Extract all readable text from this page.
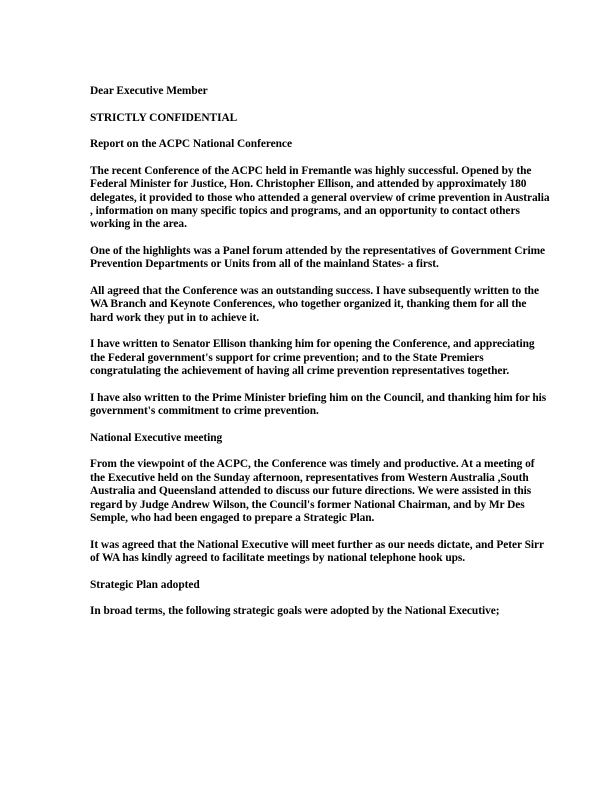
Dear Executive Member

STRICTLY CONFIDENTIAL

Report on the ACPC National Conference

The recent Conference of the ACPC held in Fremantle was highly successful. Opened by the Federal Minister for Justice, Hon. Christopher Ellison, and attended by approximately 180 delegates, it provided to those who attended a general overview of crime prevention in Australia , information on many specific topics and programs, and an opportunity to contact others working in the area.

One of the highlights was a Panel forum attended by the representatives of Government Crime Prevention Departments or Units from all of the mainland States- a first.

All agreed that the Conference was an outstanding success. I have subsequently written to the WA Branch and Keynote Conferences, who together organized it, thanking them for all the hard work they put in to achieve it.

I have written to Senator Ellison thanking him for opening the Conference, and appreciating the Federal government's support for crime prevention; and to the State Premiers congratulating the achievement of having all crime prevention representatives together.

I have also written to the Prime Minister briefing him on the Council, and thanking him for his government's commitment to crime prevention.

National Executive meeting

From the viewpoint of the ACPC, the Conference was timely and productive. At a meeting of the Executive held on the Sunday afternoon, representatives from Western Australia ,South Australia and Queensland attended to discuss our future directions. We were assisted in this regard by Judge Andrew Wilson, the Council's former National Chairman, and by Mr Des Semple, who had been engaged to prepare a Strategic Plan.

It was agreed that the National Executive will meet further as our needs dictate, and Peter Sirr of WA has kindly agreed to facilitate meetings by national telephone hook ups.

Strategic Plan adopted

In broad terms, the following strategic goals were adopted by the National Executive;
